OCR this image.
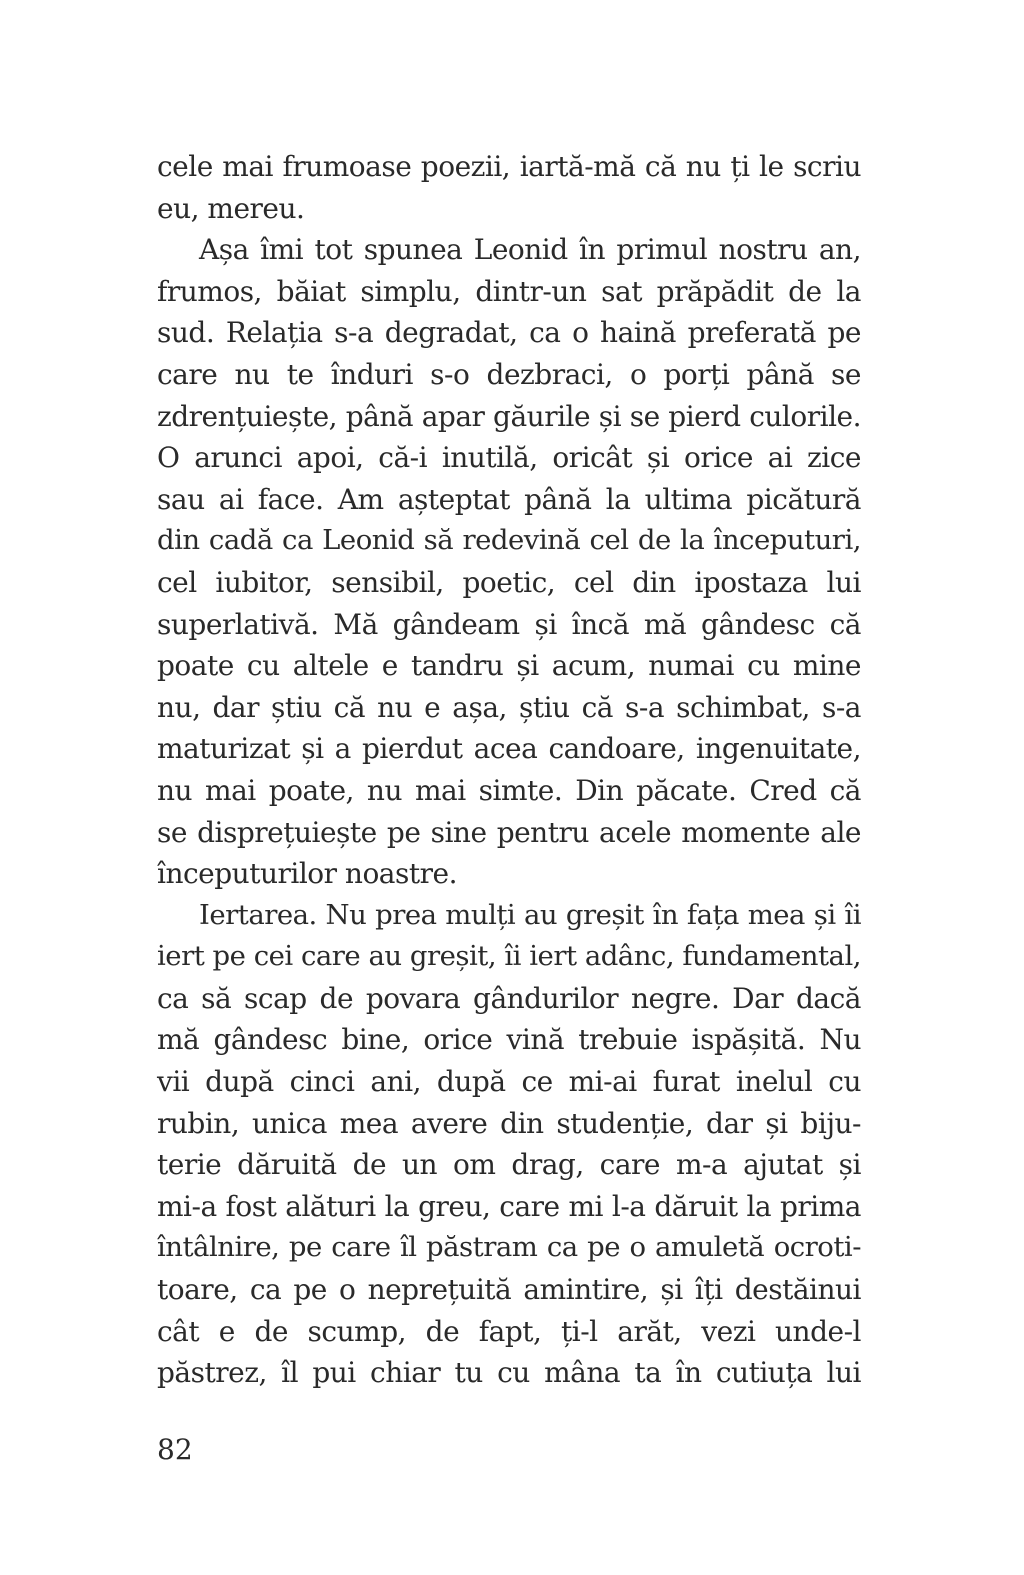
cele mai frumoase poezii, iartă-mă că nu ți le scriu
eu, mereu.
Așa îmi tot spunea Leonid în primul nostru an,
frumos, băiat simplu, dintr-un sat prăpădit de la
sud. Relația s-a degradat, ca o haină preferată pe
care nu te înduri s-o dezbraci, o porți până se
zdrențuiește, până apar găurile și se pierd culorile.
O arunci apoi, că-i inutilă, oricât și orice ai zice
sau ai face. Am așteptat până la ultima picătură
din cadă ca Leonid să redevină cel de la începuturi,
cel iubitor, sensibil, poetic, cel din ipostaza lui
superlativă. Mă gândeam și încă mă gândesc că
poate cu altele e tandru și acum, numai cu mine
nu, dar știu că nu e așa, știu că s-a schimbat, s-a
maturizat și a pierdut acea candoare, ingenuitate,
nu mai poate, nu mai simte. Din păcate. Cred că
se disprețuiește pe sine pentru acele momente ale
începuturilor noastre.
Iertarea. Nu prea mulți au greșit în fața mea și îi
iert pe cei care au greșit, îi iert adânc, fundamental,
ca să scap de povara gândurilor negre. Dar dacă
mă gândesc bine, orice vină trebuie ispășită. Nu
vii după cinci ani, după ce mi-ai furat inelul cu
rubin, unica mea avere din studenție, dar și biju-
terie dăruită de un om drag, care m-a ajutat și
mi-a fost alături la greu, care mi l-a dăruit la prima
întâlnire, pe care îl păstram ca pe o amuletă ocroti-
toare, ca pe o neprețuită amintire, și îți destăinui
cât e de scump, de fapt, ți-l arăt, vezi unde-l
păstrez, îl pui chiar tu cu mâna ta în cutiuța lui
82
